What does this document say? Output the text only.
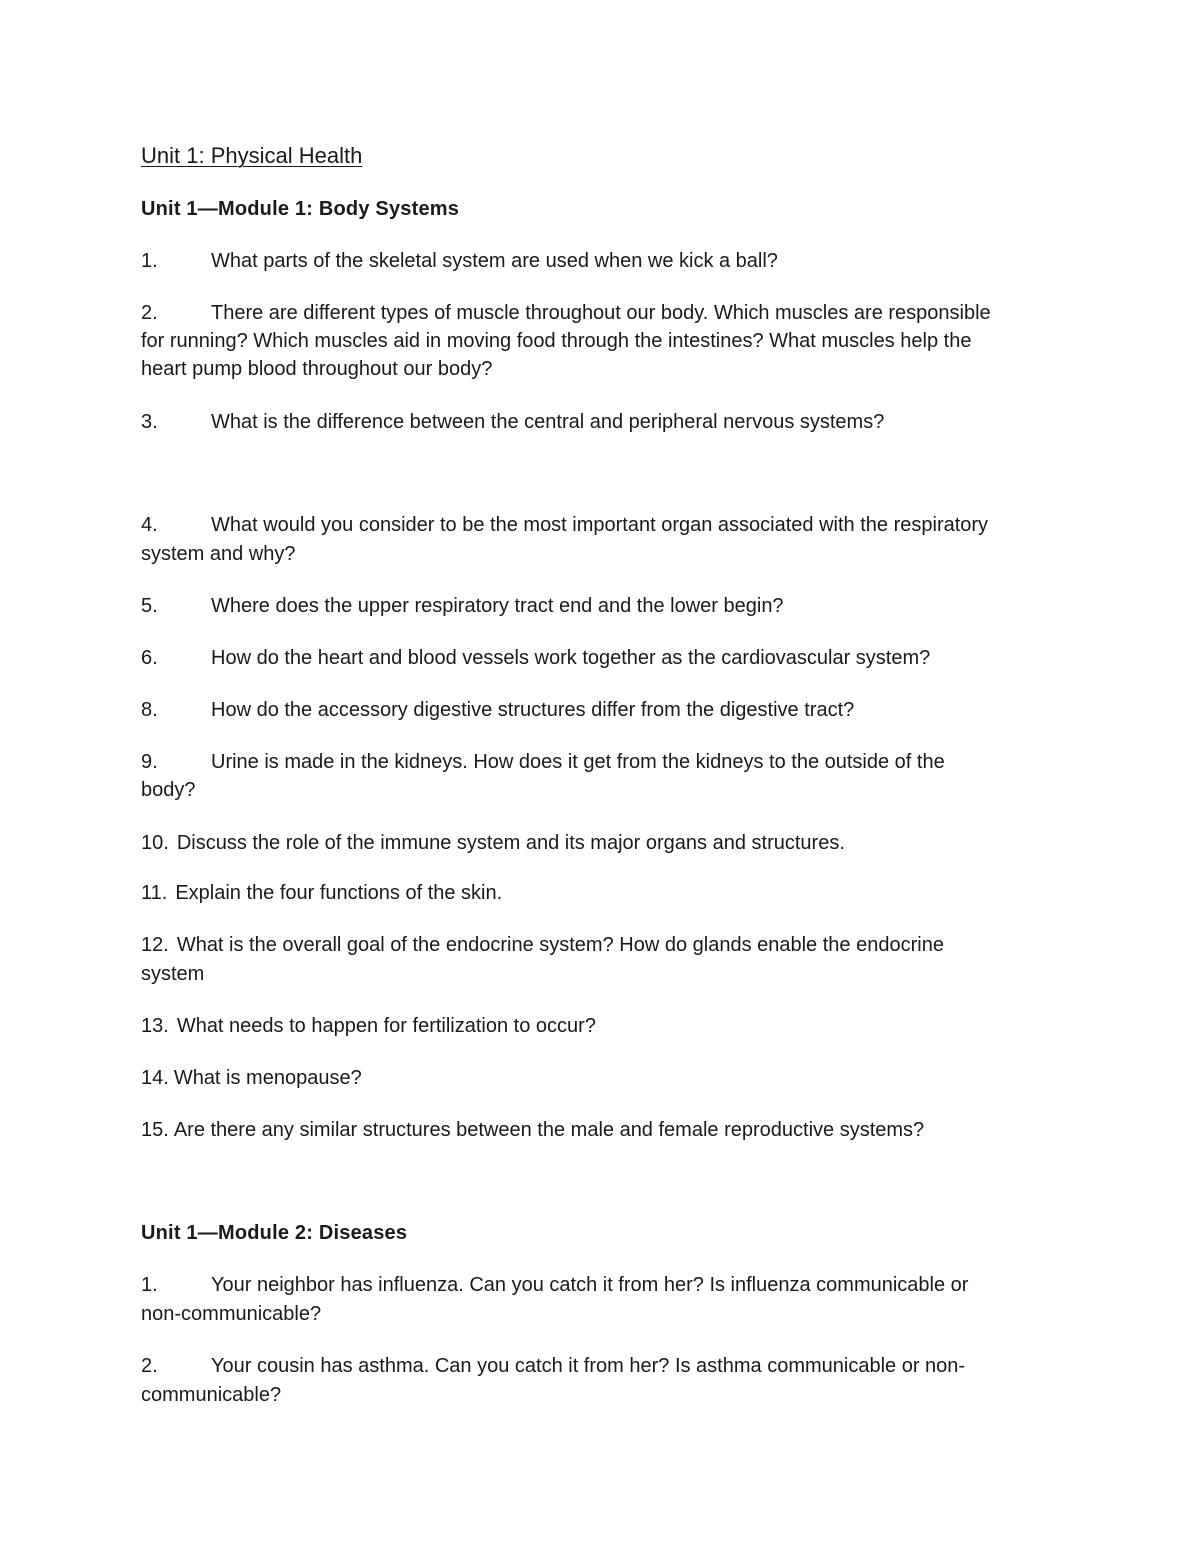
Unit 1: Physical Health

Unit 1—Module 1: Body Systems

1.	What parts of the skeletal system are used when we kick a ball?

2.	There are different types of muscle throughout our body. Which muscles are responsible

for running? Which muscles aid in moving food through the intestines? What muscles help the

heart pump blood throughout our body?

3.	What is the difference between the central and peripheral nervous systems?

4.	What would you consider to be the most important organ associated with the respiratory

system and why?

5.	Where does the upper respiratory tract end and the lower begin?

6.	How do the heart and blood vessels work together as the cardiovascular system?

8.	How do the accessory digestive structures differ from the digestive tract?

9.	Urine is made in the kidneys. How does it get from the kidneys to the outside of the

body?

10. Discuss the role of the immune system and its major organs and structures.

11. Explain the four functions of the skin.

12. What is the overall goal of the endocrine system? How do glands enable the endocrine

system

13. What needs to happen for fertilization to occur?

14. What is menopause?

15. Are there any similar structures between the male and female reproductive systems?

Unit 1—Module 2: Diseases

1.	Your neighbor has influenza. Can you catch it from her? Is influenza communicable or

non-communicable?

2.	Your cousin has asthma. Can you catch it from her? Is asthma communicable or non-

communicable?
